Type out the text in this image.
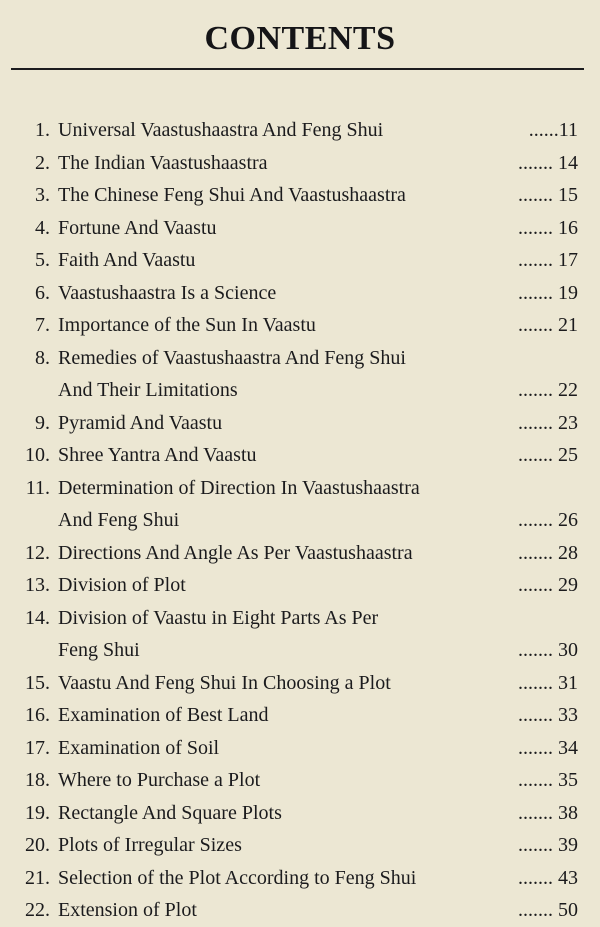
CONTENTS
1. Universal Vaastushaastra And Feng Shui	......11
2. The Indian Vaastushaastra	....... 14
3. The Chinese Feng Shui And Vaastushaastra	....... 15
4. Fortune And Vaastu	....... 16
5. Faith And Vaastu	....... 17
6. Vaastushaastra Is a Science	....... 19
7. Importance of the Sun In Vaastu	....... 21
8. Remedies of Vaastushaastra And Feng Shui
And Their Limitations	....... 22
9. Pyramid And Vaastu	....... 23
10. Shree Yantra And Vaastu	....... 25
11. Determination of Direction In Vaastushaastra
And Feng Shui	....... 26
12. Directions And Angle As Per Vaastushaastra	....... 28
13. Division of Plot	....... 29
14. Division of Vaastu in Eight Parts As Per
Feng Shui	....... 30
15. Vaastu And Feng Shui In Choosing a Plot	....... 31
16. Examination of Best Land	....... 33
17. Examination of Soil	....... 34
18. Where to Purchase a Plot	....... 35
19. Rectangle And Square Plots	....... 38
20. Plots of Irregular Sizes	....... 39
21. Selection of the Plot According to Feng Shui	....... 43
22. Extension of Plot	....... 50
